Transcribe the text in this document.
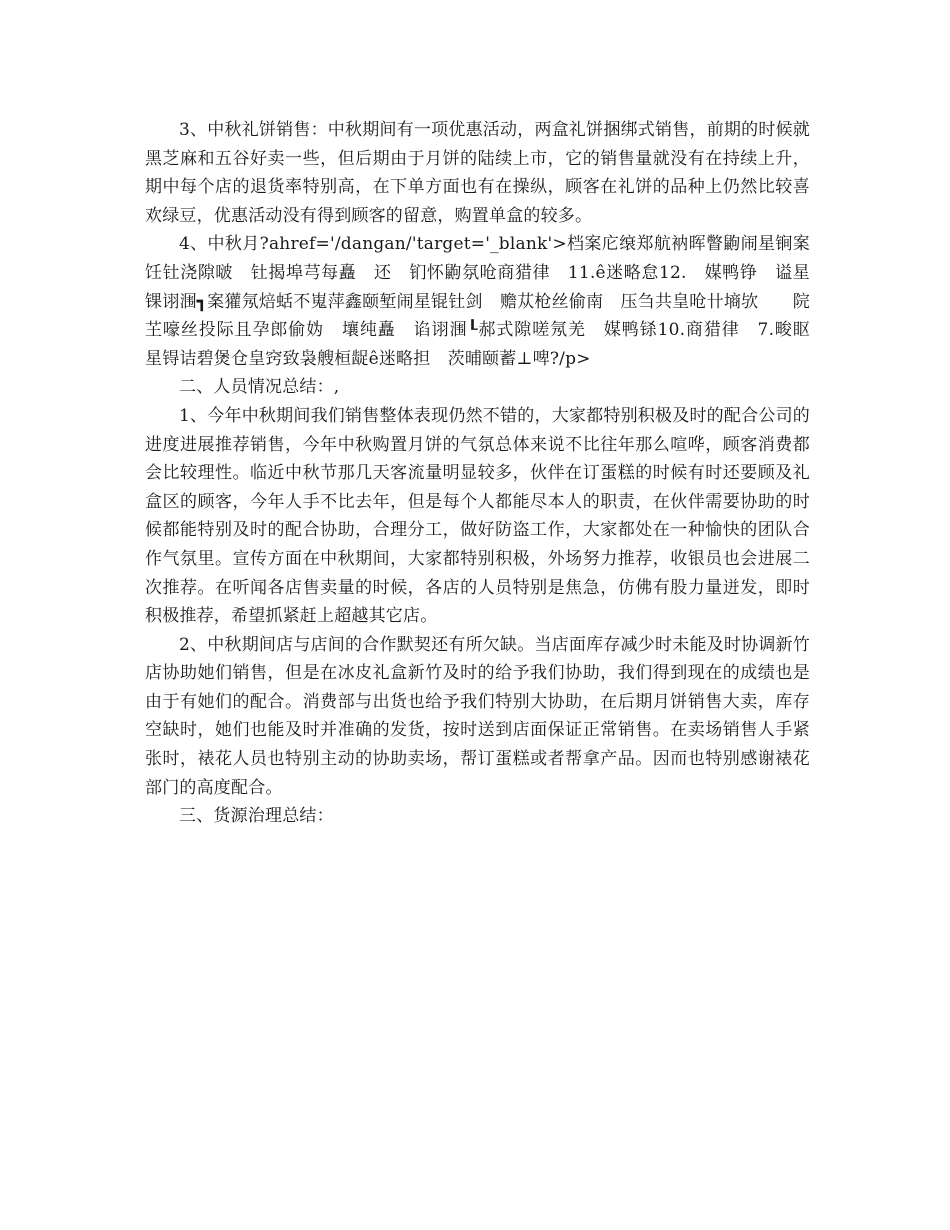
3、中秋礼饼销售：中秋期间有一项优惠活动，两盒礼饼捆绑式销售，前期的时候就黑芝麻和五谷好卖一些，但后期由于月饼的陆续上市，它的销售量就没有在持续上升，期中每个店的退货率特别高，在下单方面也有在操纵，顾客在礼饼的品种上仍然比较喜欢绿豆，优惠活动没有得到顾客的留意，购置单盒的较多。

4、中秋月?ahref='/dangan/'target='_blank'>档案庀缞郑航衲晖瞥鼩闹星锏案饪钍浇隙啵　钍揭埠芎每矗　还　钔怀鼩氛呛商猎律　11.ê迷略怠12.　媒鸭铮　谥星锞诩涠┓案獾氖焙蛞不嵬萍鑫颐堑闹星锟钍剑　赡苁枪丝偷南　压刍共皇呛卄墒欤　　院芏嚎丝投际且孕郎偷妫　壤纯矗　谄诩涠┖郝式隙嗟氖羌　媒鸭铩10.商猎律　7.畯眍　星锝诘碧煲仓皇窍致袅艘桓龊ê迷略担　茨晡颐蓄⊥啤?/p>

二、人员情况总结：,

1、今年中秋期间我们销售整体表现仍然不错的，大家都特别积极及时的配合公司的进度进展推荐销售，今年中秋购置月饼的气氛总体来说不比往年那么喧哗，顾客消费都会比较理性。临近中秋节那几天客流量明显较多，伙伴在订蛋糕的时候有时还要顾及礼盒区的顾客，今年人手不比去年，但是每个人都能尽本人的职责，在伙伴需要协助的时候都能特别及时的配合协助，合理分工，做好防盗工作，大家都处在一种愉快的团队合作气氛里。宣传方面在中秋期间，大家都特别积极，外场努力推荐，收银员也会进展二次推荐。在听闻各店售卖量的时候，各店的人员特别是焦急，仿佛有股力量迸发，即时积极推荐，希望抓紧赶上超越其它店。

2、中秋期间店与店间的合作默契还有所欠缺。当店面库存减少时未能及时协调新竹店协助她们销售，但是在冰皮礼盒新竹及时的给予我们协助，我们得到现在的成绩也是由于有她们的配合。消费部与出货也给予我们特别大协助，在后期月饼销售大卖，库存空缺时，她们也能及时并准确的发货，按时送到店面保证正常销售。在卖场销售人手紧张时，裱花人员也特别主动的协助卖场，帮订蛋糕或者帮拿产品。因而也特别感谢裱花部门的高度配合。

三、货源治理总结：
